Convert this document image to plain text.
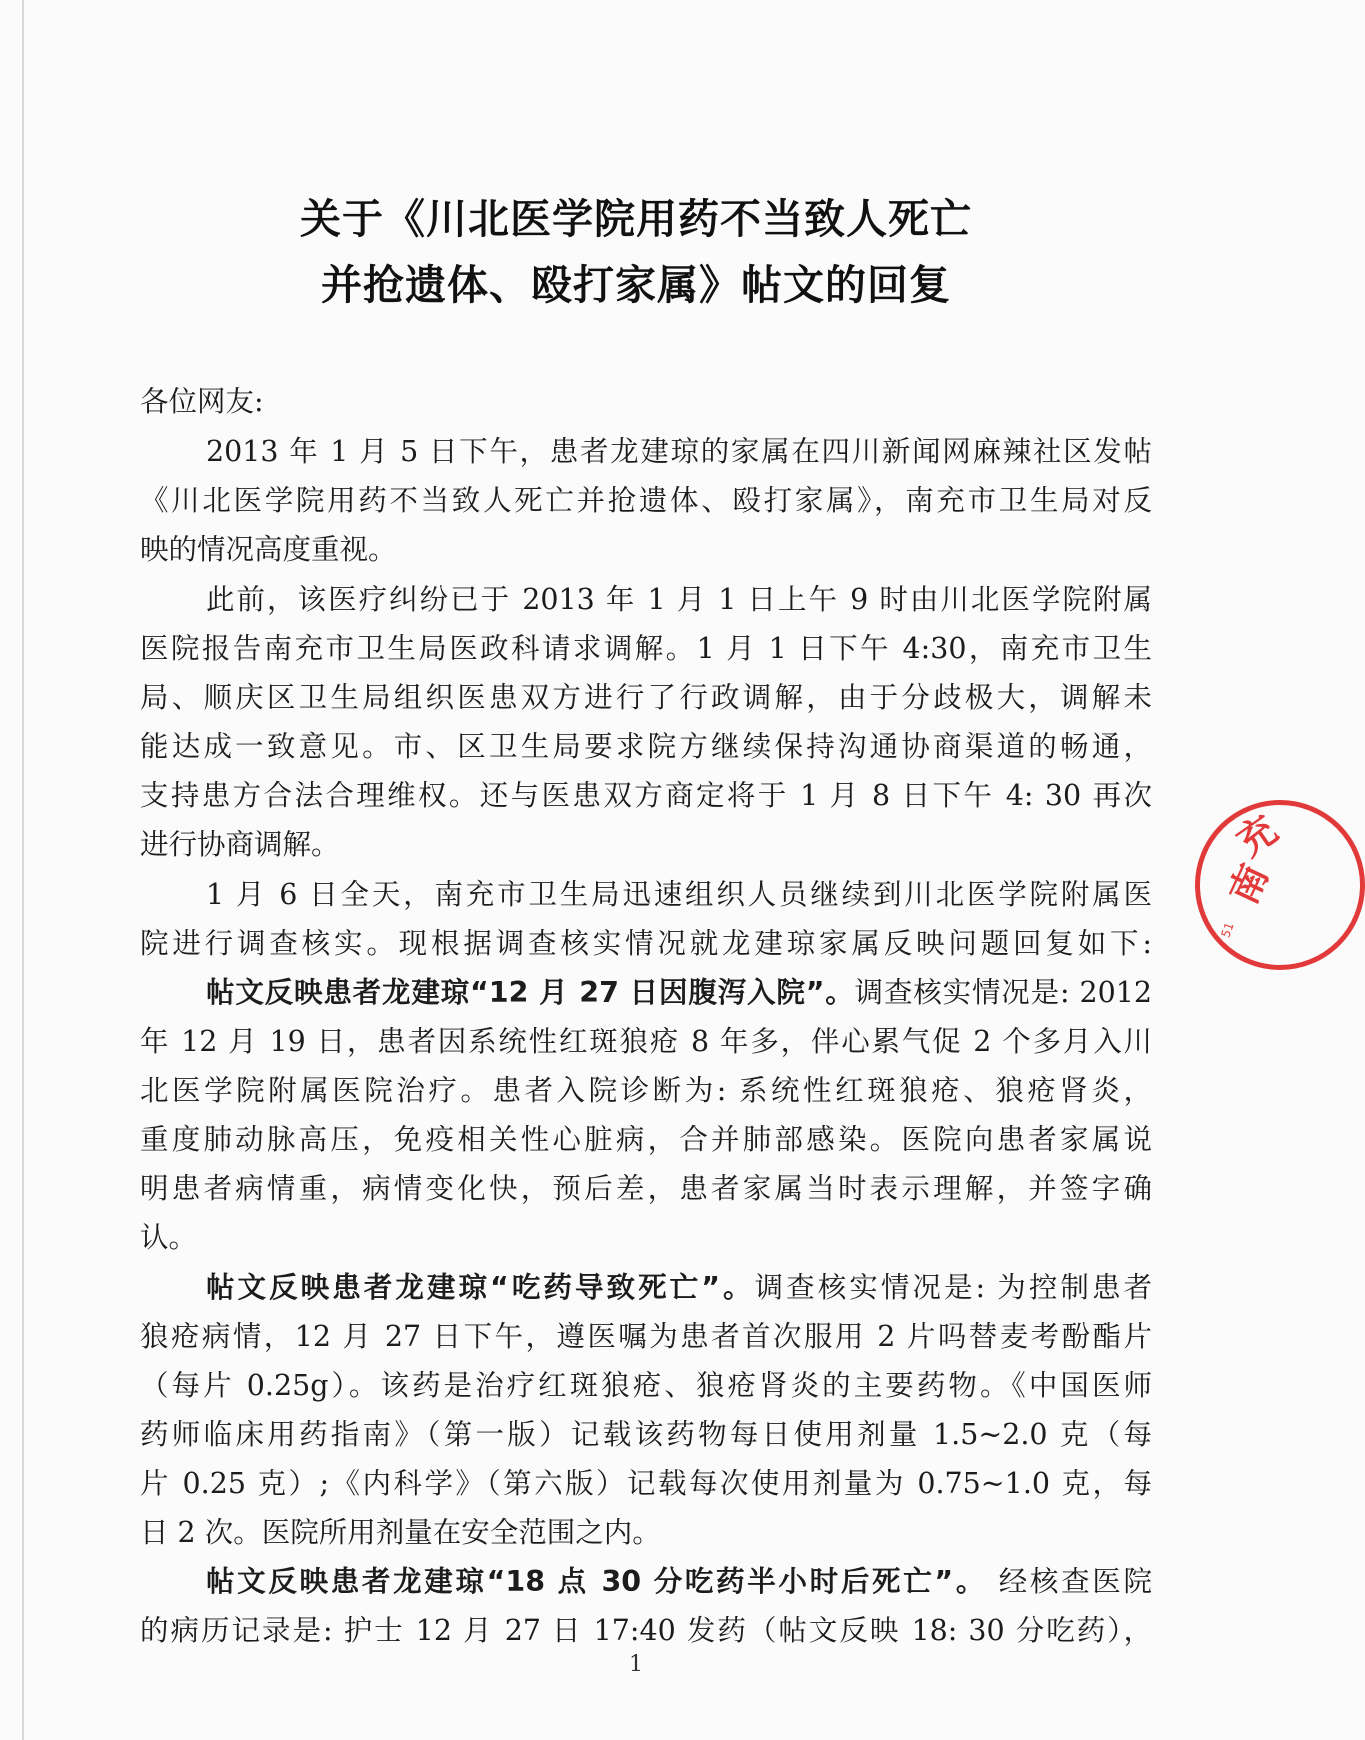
关于《川北医学院用药不当致人死亡
并抢遗体、殴打家属》帖文的回复
各位网友:
2013 年 1 月 5 日下午，患者龙建琼的家属在四川新闻网麻辣社区发帖
《川北医学院用药不当致人死亡并抢遗体、殴打家属》，南充市卫生局对反
映的情况高度重视。
此前，该医疗纠纷已于 2013 年 1 月 1 日上午 9 时由川北医学院附属
医院报告南充市卫生局医政科请求调解。1 月 1 日下午 4:30，南充市卫生
局、顺庆区卫生局组织医患双方进行了行政调解，由于分歧极大，调解未
能达成一致意见。市、区卫生局要求院方继续保持沟通协商渠道的畅通，
支持患方合法合理维权。还与医患双方商定将于 1 月 8 日下午 4: 30 再次
进行协商调解。
1 月 6 日全天，南充市卫生局迅速组织人员继续到川北医学院附属医
院进行调查核实。现根据调查核实情况就龙建琼家属反映问题回复如下:
帖文反映患者龙建琼“12 月 27 日因腹泻入院”。调查核实情况是: 2012
年 12 月 19 日，患者因系统性红斑狼疮 8 年多，伴心累气促 2 个多月入川
北医学院附属医院治疗。患者入院诊断为: 系统性红斑狼疮、狼疮肾炎，
重度肺动脉高压，免疫相关性心脏病，合并肺部感染。医院向患者家属说
明患者病情重，病情变化快，预后差，患者家属当时表示理解，并签字确
认。
帖文反映患者龙建琼“吃药导致死亡”。调查核实情况是: 为控制患者
狼疮病情，12 月 27 日下午，遵医嘱为患者首次服用 2 片吗替麦考酚酯片
（每片 0.25g）。该药是治疗红斑狼疮、狼疮肾炎的主要药物。《中国医师
药师临床用药指南》（第一版）记载该药物每日使用剂量 1.5~2.0 克（每
片 0.25 克）;《内科学》（第六版）记载每次使用剂量为 0.75~1.0 克，每
日 2 次。医院所用剂量在安全范围之内。
帖文反映患者龙建琼“18 点 30 分吃药半小时后死亡”。 经核查医院
的病历记录是: 护士 12 月 27 日 17:40 发药（帖文反映 18: 30 分吃药），
1
南
充
51
